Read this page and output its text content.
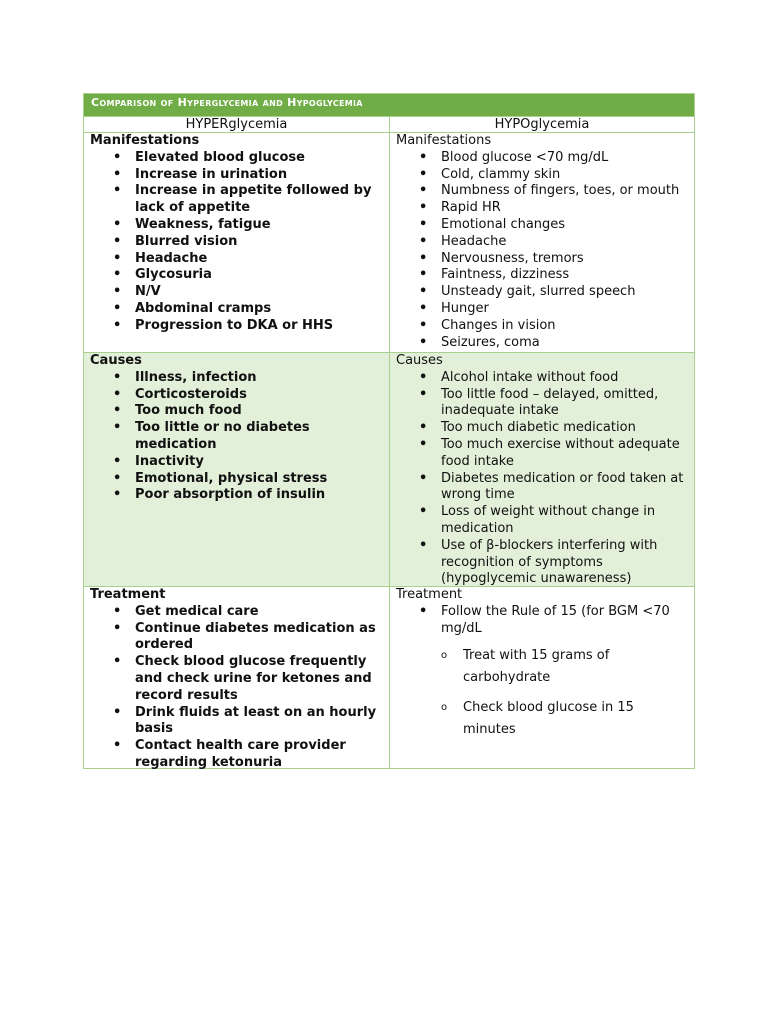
Comparison of Hyperglycemia and Hypoglycemia
HYPERglycemia	HYPOglycemia
Manifestations
• Elevated blood glucose
• Increase in urination
• Increase in appetite followed by lack of appetite
• Weakness, fatigue
• Blurred vision
• Headache
• Glycosuria
• N/V
• Abdominal cramps
• Progression to DKA or HHS
Manifestations
• Blood glucose <70 mg/dL
• Cold, clammy skin
• Numbness of fingers, toes, or mouth
• Rapid HR
• Emotional changes
• Headache
• Nervousness, tremors
• Faintness, dizziness
• Unsteady gait, slurred speech
• Hunger
• Changes in vision
• Seizures, coma
Causes
• Illness, infection
• Corticosteroids
• Too much food
• Too little or no diabetes medication
• Inactivity
• Emotional, physical stress
• Poor absorption of insulin
Causes
• Alcohol intake without food
• Too little food – delayed, omitted, inadequate intake
• Too much diabetic medication
• Too much exercise without adequate food intake
• Diabetes medication or food taken at wrong time
• Loss of weight without change in medication
• Use of β-blockers interfering with recognition of symptoms (hypoglycemic unawareness)
Treatment
• Get medical care
• Continue diabetes medication as ordered
• Check blood glucose frequently and check urine for ketones and record results
• Drink fluids at least on an hourly basis
• Contact health care provider regarding ketonuria
Treatment
• Follow the Rule of 15 (for BGM <70 mg/dL
o Treat with 15 grams of carbohydrate
o Check blood glucose in 15 minutes
